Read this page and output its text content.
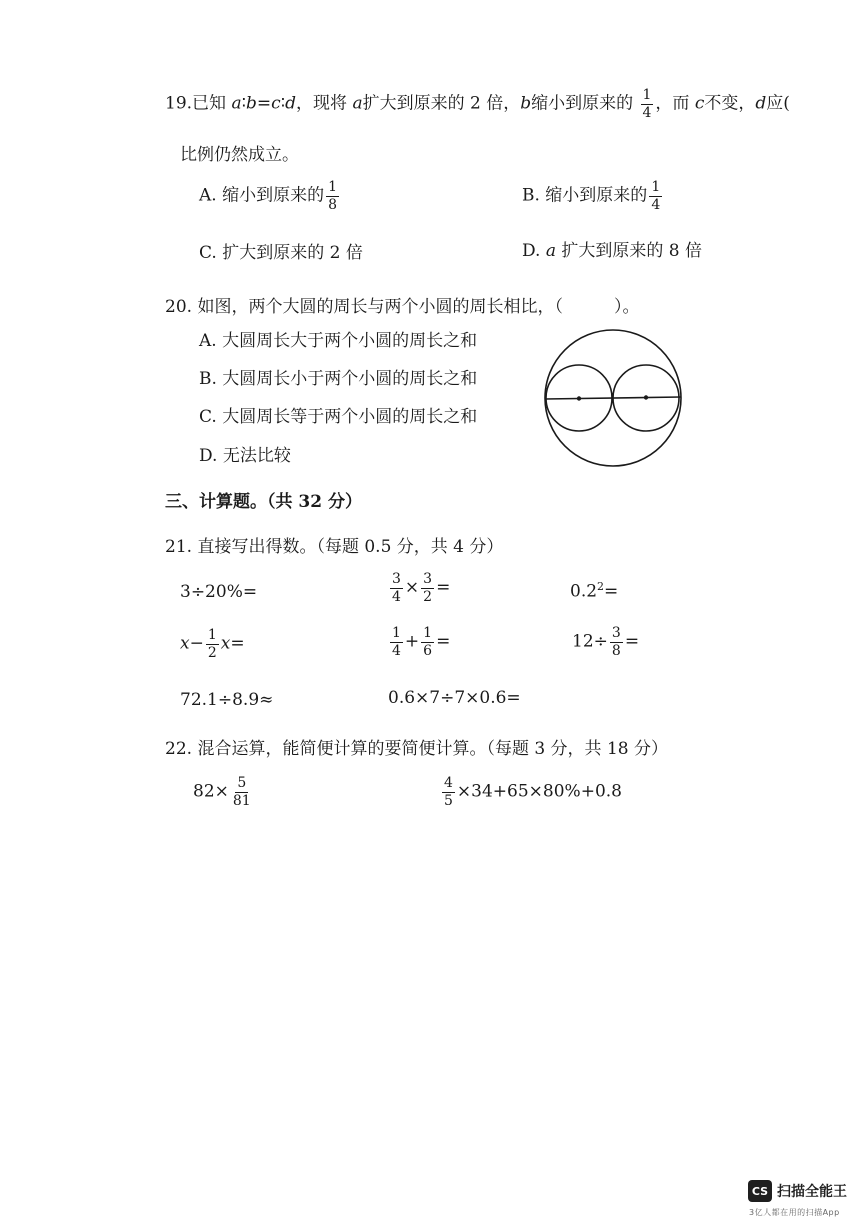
19.已知 a∶b=c∶d，现将 a扩大到原来的 2 倍，b缩小到原来的 $\frac{1}{4}$ ，而 c不变，d应(
比例仍然成立。
A. 缩小到原来的 $\frac{1}{8}$	B. 缩小到原来的 $\frac{1}{4}$
C. 扩大到原来的 2 倍	D. a 扩大到原来的 8 倍
20. 如图，两个大圆的周长与两个小圆的周长相比，（　　　）。
A. 大圆周长大于两个小圆的周长之和
B. 大圆周长小于两个小圆的周长之和
C. 大圆周长等于两个小圆的周长之和
D. 无法比较
三、计算题。（共 32 分）
21. 直接写出得数。（每题 0.5 分，共 4 分）
3÷20%=	$\frac{3}{4} \times \frac{3}{2}$ =	$0.2^2=$
$x- \frac{1}{2} x=$	$\frac{1}{4} + \frac{1}{6}$ =	$12\div \frac{3}{8}$ =
72.1÷8.9≈	0.6×7÷7×0.6=
22. 混合运算，能简便计算的要简便计算。（每题 3 分，共 18 分）
$82\times \frac{5}{81}$	$\frac{4}{5} \times 34+65\times 80\%+0.8$
CS 扫描全能王
3亿人都在用的扫描App
